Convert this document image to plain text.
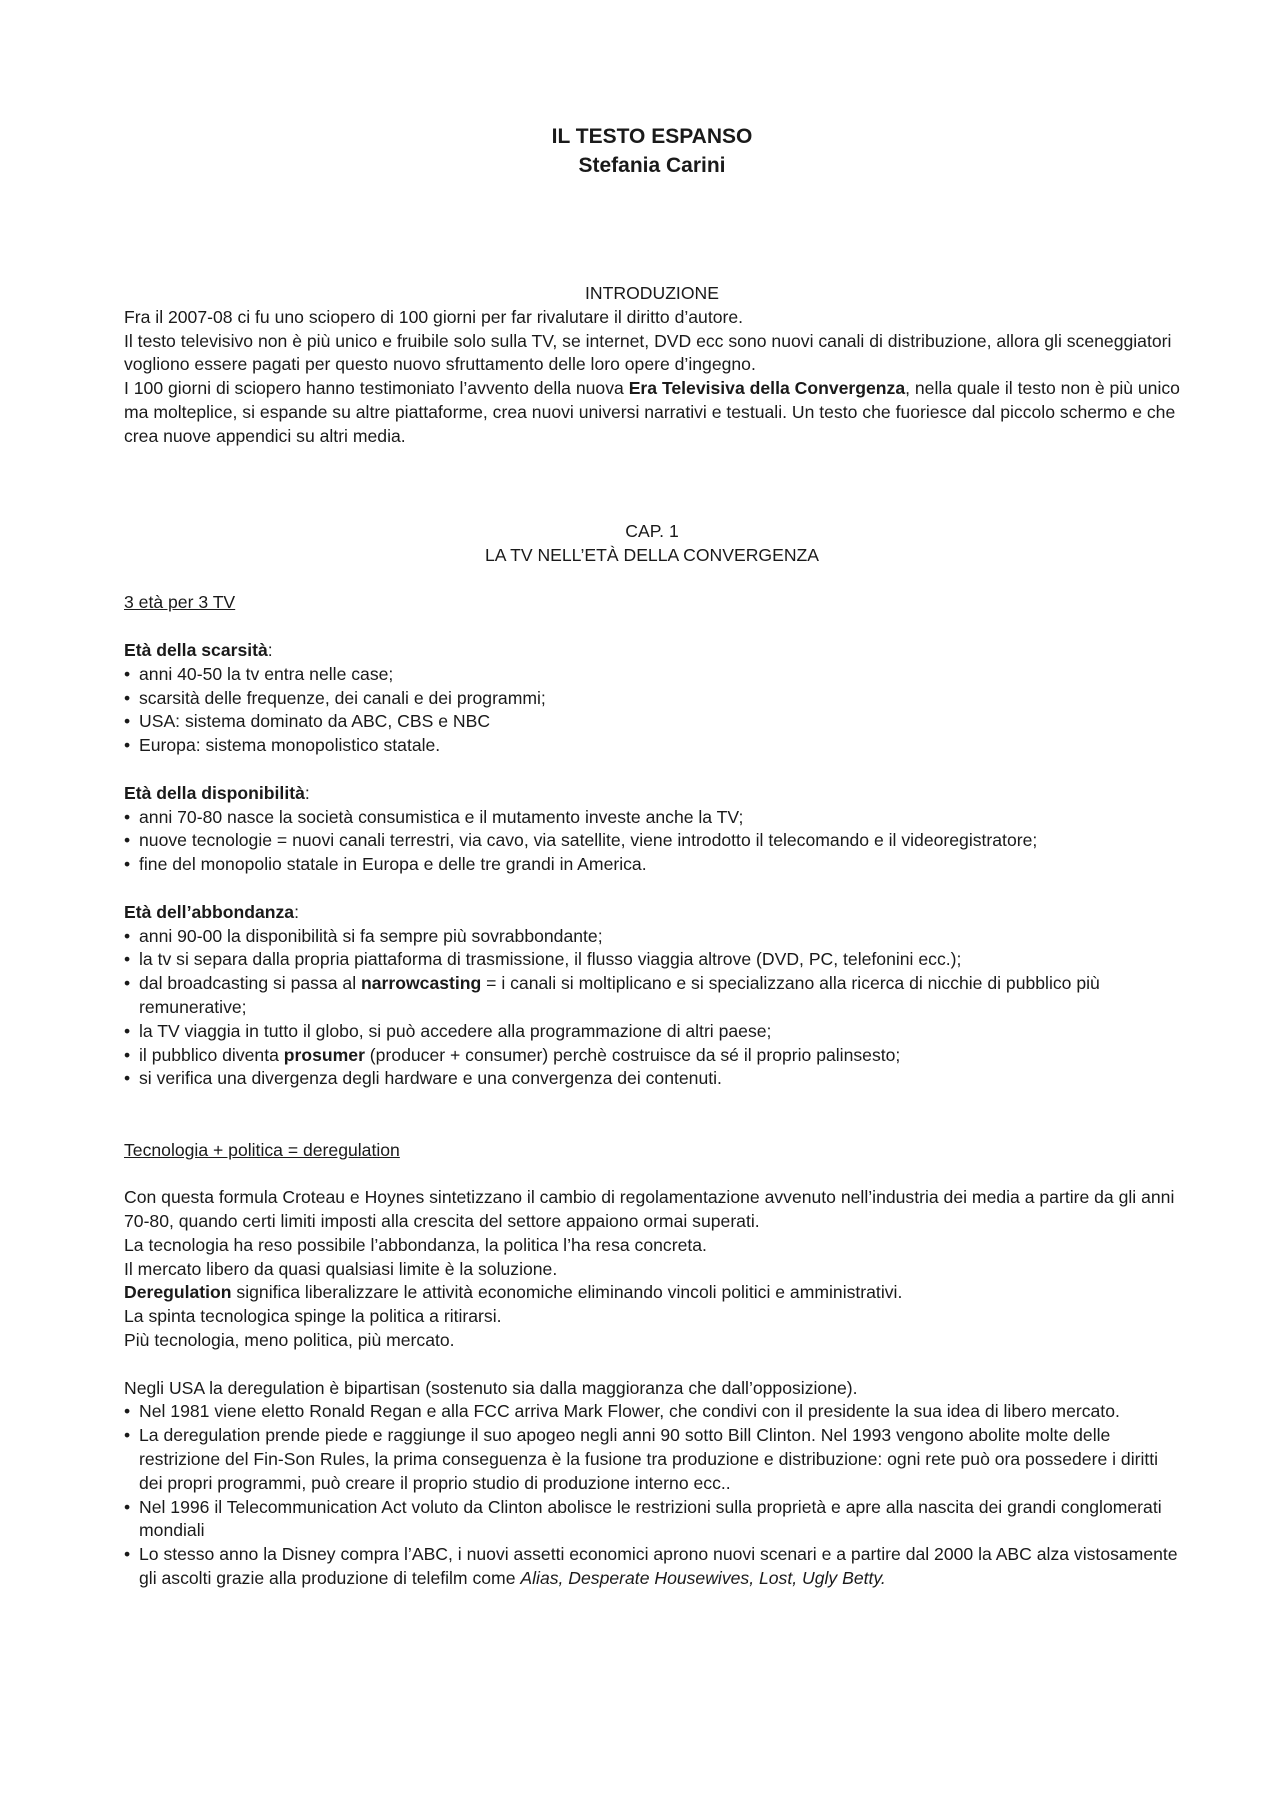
IL TESTO ESPANSO
Stefania Carini
INTRODUZIONE

Fra il 2007-08 ci fu uno sciopero di 100 giorni per far rivalutare il diritto d’autore.

Il testo televisivo non è più unico e fruibile solo sulla TV, se internet, DVD ecc sono nuovi canali di distribuzione, allora gli sceneggiatori vogliono essere pagati per questo nuovo sfruttamento delle loro opere d’ingegno.

I 100 giorni di sciopero hanno testimoniato l’avvento della nuova Era Televisiva della Convergenza, nella quale il testo non è più unico ma molteplice, si espande su altre piattaforme, crea nuovi universi narrativi e testuali. Un testo che fuoriesce dal piccolo schermo e che crea nuove appendici su altri media.

CAP. 1
LA TV NELL’ETÀ DELLA CONVERGENZA

3 età per 3 TV

Età della scarsità:

• anni 40-50 la tv entra nelle case;
• scarsità delle frequenze, dei canali e dei programmi;
• USA: sistema dominato da ABC, CBS e NBC
• Europa: sistema monopolistico statale.

Età della disponibilità:

• anni 70-80 nasce la società consumistica e il mutamento investe anche la TV;
• nuove tecnologie = nuovi canali terrestri, via cavo, via satellite, viene introdotto il telecomando e il videoregistratore;
• fine del monopolio statale in Europa e delle tre grandi in America.

Età dell’abbondanza:

• anni 90-00 la disponibilità si fa sempre più sovrabbondante;
• la tv si separa dalla propria piattaforma di trasmissione, il flusso viaggia altrove (DVD, PC, telefonini ecc.);
• dal broadcasting si passa al narrowcasting = i canali si moltiplicano e si specializzano alla ricerca di nicchie di pubblico più remunerative;
• la TV viaggia in tutto il globo, si può accedere alla programmazione di altri paese;
• il pubblico diventa prosumer (producer + consumer) perchè costruisce da sé il proprio palinsesto;
• si verifica una divergenza degli hardware e una convergenza dei contenuti.

Tecnologia + politica = deregulation

Con questa formula Croteau e Hoynes sintetizzano il cambio di regolamentazione avvenuto nell’industria dei media a partire da gli anni 70-80, quando certi limiti imposti alla crescita del settore appaiono ormai superati.

La tecnologia ha reso possibile l’abbondanza, la politica l’ha resa concreta.

Il mercato libero da quasi qualsiasi limite è la soluzione.

Deregulation significa liberalizzare le attività economiche eliminando vincoli politici e amministrativi.

La spinta tecnologica spinge la politica a ritirarsi.

Più tecnologia, meno politica, più mercato.

Negli USA la deregulation è bipartisan (sostenuto sia dalla maggioranza che dall’opposizione).

• Nel 1981 viene eletto Ronald Regan e alla FCC arriva Mark Flower, che condivi con il presidente la sua idea di libero mercato.
• La deregulation prende piede e raggiunge il suo apogeo negli anni 90 sotto Bill Clinton. Nel 1993 vengono abolite molte delle restrizione del Fin-Son Rules, la prima conseguenza è la fusione tra produzione e distribuzione: ogni rete può ora possedere i diritti dei propri programmi, può creare il proprio studio di produzione interno ecc..
• Nel 1996 il Telecommunication Act voluto da Clinton abolisce le restrizioni sulla proprietà e apre alla nascita dei grandi conglomerati mondiali
• Lo stesso anno la Disney compra l’ABC, i nuovi assetti economici aprono nuovi scenari e a partire dal 2000 la ABC alza vistosamente gli ascolti grazie alla produzione di telefilm come Alias, Desperate Housewives, Lost, Ugly Betty.
